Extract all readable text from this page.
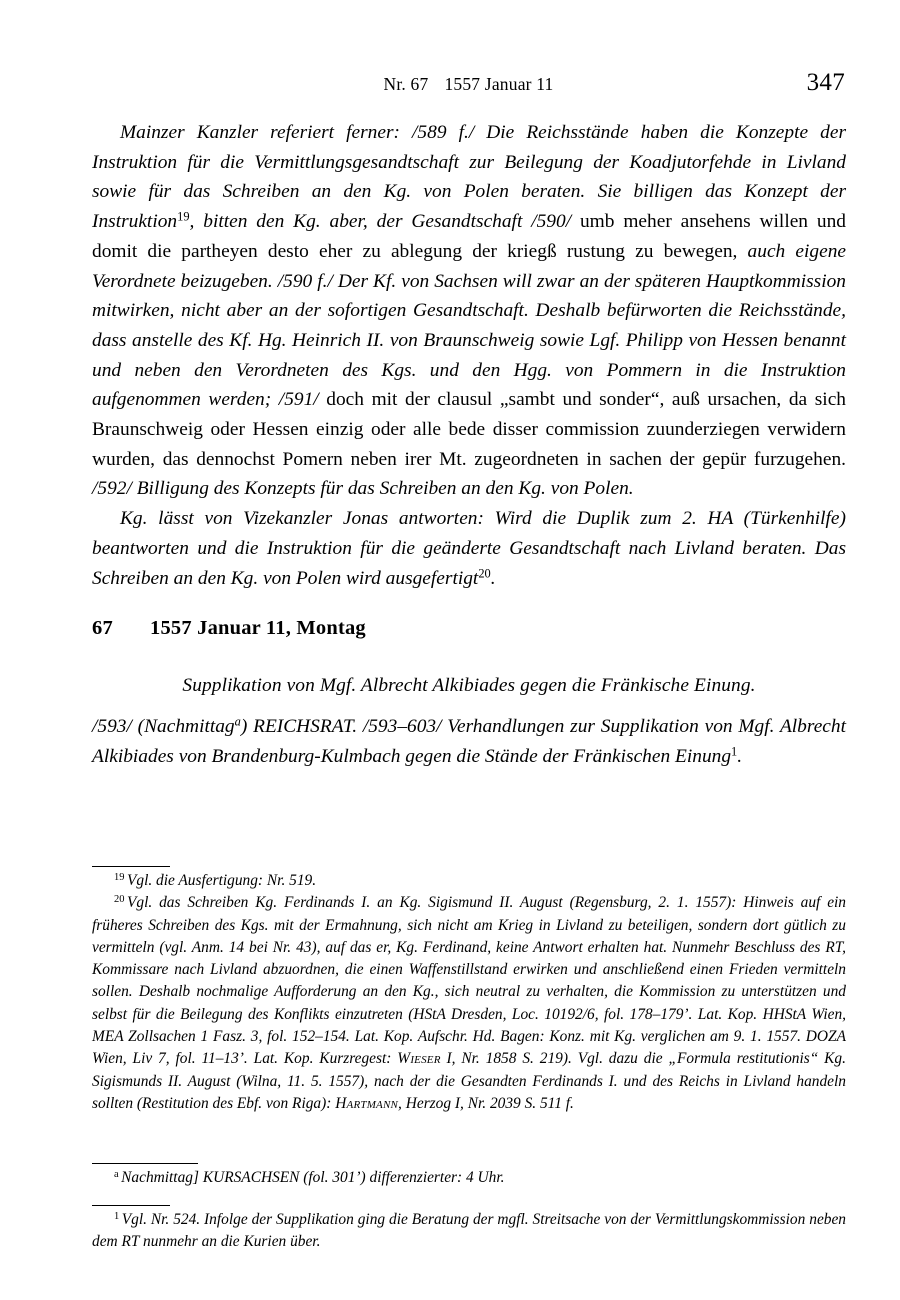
Nr. 67 1557 Januar 11	347

Mainzer Kanzler referiert ferner: /589 f./ Die Reichsstände haben die Konzepte der Instruktion für die Vermittlungsgesandtschaft zur Beilegung der Koadjutorfehde in Livland sowie für das Schreiben an den Kg. von Polen beraten. Sie billigen das Konzept der Instruktion$^{19}$, bitten den Kg. aber, der Gesandtschaft /590/ umb meher ansehens willen und domit die partheyen desto eher zu ablegung der kriegß rustung zu bewegen, auch eigene Verordnete beizugeben. /590 f./ Der Kf. von Sachsen will zwar an der späteren Hauptkommission mitwirken, nicht aber an der sofortigen Gesandtschaft. Deshalb befürworten die Reichsstände, dass anstelle des Kf. Hg. Heinrich II. von Braunschweig sowie Lgf. Philipp von Hessen benannt und neben den Verordneten des Kgs. und den Hgg. von Pommern in die Instruktion aufgenommen werden; /591/ doch mit der clausul „sambt und sonder“, auß ursachen, da sich Braunschweig oder Hessen einzig oder alle bede disser commission zuunderziegen verwidern wurden, das dennochst Pomern neben irer Mt. zugeordneten in sachen der gepür furzugehen. /592/ Billigung des Konzepts für das Schreiben an den Kg. von Polen.

Kg. lässt von Vizekanzler Jonas antworten: Wird die Duplik zum 2. HA (Türkenhilfe) beantworten und die Instruktion für die geänderte Gesandtschaft nach Livland beraten. Das Schreiben an den Kg. von Polen wird ausgefertigt$^{20}$.

67 1557 Januar 11, Montag
Supplikation von Mgf. Albrecht Alkibiades gegen die Fränkische Einung.

/593/ (Nachmittag$^a$) REICHSRAT. /593–603/ Verhandlungen zur Supplikation von Mgf. Albrecht Alkibiades von Brandenburg-Kulmbach gegen die Stände der Fränkischen Einung$^1$.

$^{19}$ Vgl. die Ausfertigung: Nr. 519.

$^{20}$ Vgl. das Schreiben Kg. Ferdinands I. an Kg. Sigismund II. August (Regensburg, 2. 1. 1557): Hinweis auf ein früheres Schreiben des Kgs. mit der Ermahnung, sich nicht am Krieg in Livland zu beteiligen, sondern dort gütlich zu vermitteln (vgl. Anm. 14 bei Nr. 43), auf das er, Kg. Ferdinand, keine Antwort erhalten hat. Nunmehr Beschluss des RT, Kommissare nach Livland abzuordnen, die einen Waffenstillstand erwirken und anschließend einen Frieden vermitteln sollen. Deshalb nochmalige Aufforderung an den Kg., sich neutral zu verhalten, die Kommission zu unterstützen und selbst für die Beilegung des Konflikts einzutreten (HStA Dresden, Loc. 10192/6, fol. 178–179’. Lat. Kop. HHStA Wien, MEA Zollsachen 1 Fasz. 3, fol. 152–154. Lat. Kop. Aufschr. Hd. Bagen: Konz. mit Kg. verglichen am 9. 1. 1557. DOZA Wien, Liv 7, fol. 11–13’. Lat. Kop. Kurzregest: Wieser I, Nr. 1858 S. 219). Vgl. dazu die „Formula restitutionis“ Kg. Sigismunds II. August (Wilna, 11. 5. 1557), nach der die Gesandten Ferdinands I. und des Reichs in Livland handeln sollten (Restitution des Ebf. von Riga): Hartmann, Herzog I, Nr. 2039 S. 511 f.

$^a$ Nachmittag] KURSACHSEN (fol. 301’) differenzierter: 4 Uhr.

$^1$ Vgl. Nr. 524. Infolge der Supplikation ging die Beratung der mgfl. Streitsache von der Vermittlungskommission neben dem RT nunmehr an die Kurien über.
